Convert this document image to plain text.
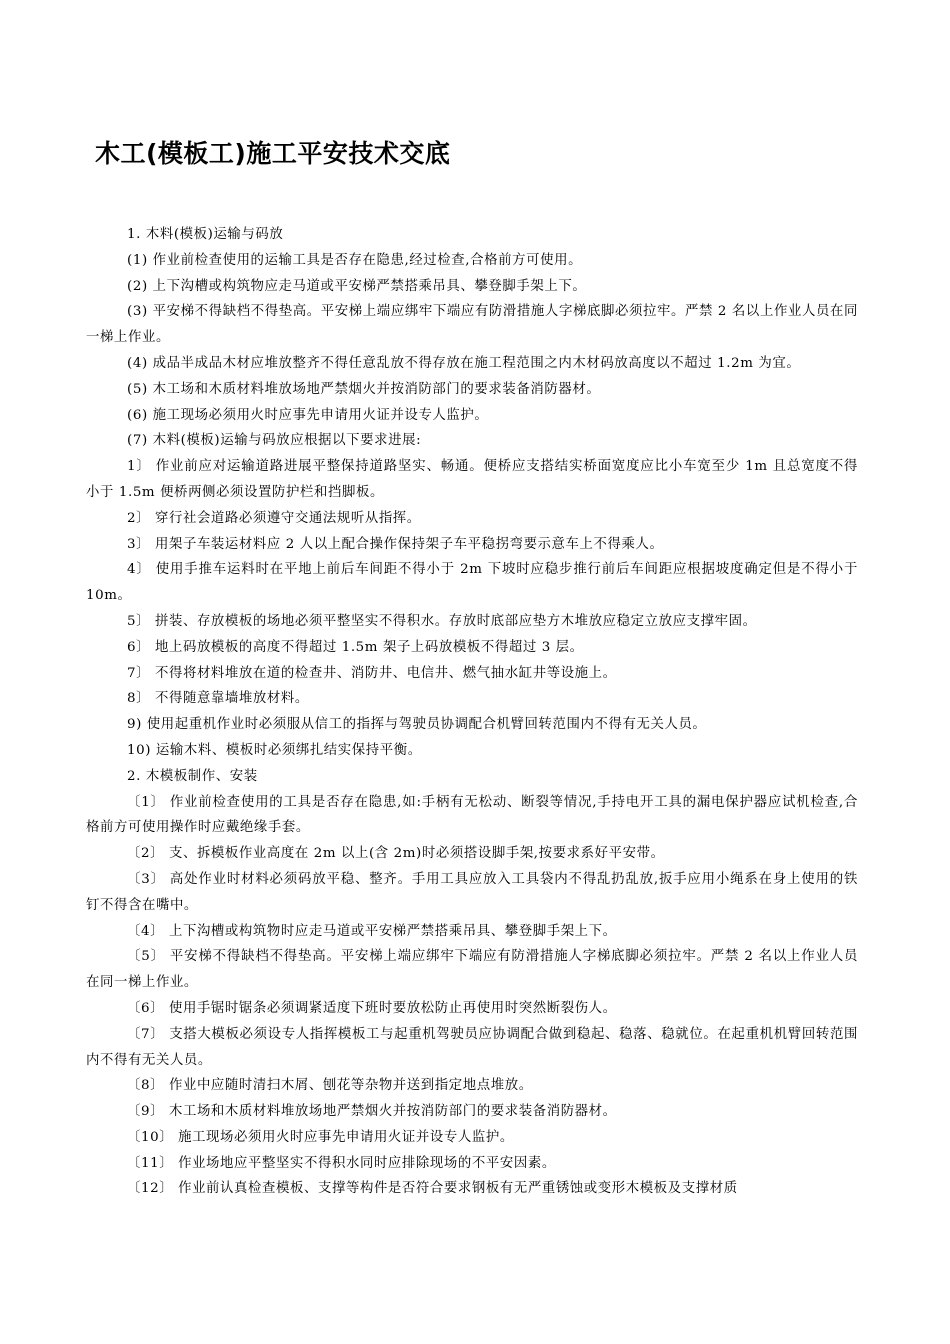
木工(模板工)施工平安技术交底

1. 木料(模板)运输与码放

(1) 作业前检查使用的运输工具是否存在隐患,经过检查,合格前方可使用。

(2) 上下沟槽或构筑物应走马道或平安梯严禁搭乘吊具、攀登脚手架上下。

(3) 平安梯不得缺档不得垫高。平安梯上端应绑牢下端应有防滑措施人字梯底脚必须拉牢。严禁 2 名以上作业人员在同一梯上作业。

(4) 成品半成品木材应堆放整齐不得任意乱放不得存放在施工程范围之内木材码放高度以不超过 1.2m 为宜。

(5) 木工场和木质材料堆放场地严禁烟火并按消防部门的要求装备消防器材。

(6) 施工现场必须用火时应事先申请用火证并设专人监护。

(7) 木料(模板)运输与码放应根据以下要求进展:

1〕 作业前应对运输道路进展平整保持道路坚实、畅通。便桥应支搭结实桥面宽度应比小车宽至少 1m 且总宽度不得小于 1.5m 便桥两侧必须设置防护栏和挡脚板。

2〕 穿行社会道路必须遵守交通法规听从指挥。

3〕 用架子车装运材料应 2 人以上配合操作保持架子车平稳拐弯要示意车上不得乘人。

4〕 使用手推车运料时在平地上前后车间距不得小于 2m 下坡时应稳步推行前后车间距应根据坡度确定但是不得小于 10m。

5〕 拼装、存放模板的场地必须平整坚实不得积水。存放时底部应垫方木堆放应稳定立放应支撑牢固。

6〕 地上码放模板的高度不得超过 1.5m 架子上码放模板不得超过 3 层。

7〕 不得将材料堆放在道的检查井、消防井、电信井、燃气抽水缸井等设施上。

8〕 不得随意靠墙堆放材料。

9) 使用起重机作业时必须服从信工的指挥与驾驶员协调配合机臂回转范围内不得有无关人员。

10) 运输木料、模板时必须绑扎结实保持平衡。

2. 木模板制作、安装

〔1〕 作业前检查使用的工具是否存在隐患,如:手柄有无松动、断裂等情况,手持电开工具的漏电保护器应试机检查,合格前方可使用操作时应戴绝缘手套。

〔2〕 支、拆模板作业高度在 2m 以上(含 2m)时必须搭设脚手架,按要求系好平安带。

〔3〕 高处作业时材料必须码放平稳、整齐。手用工具应放入工具袋内不得乱扔乱放,扳手应用小绳系在身上使用的铁钉不得含在嘴中。

〔4〕 上下沟槽或构筑物时应走马道或平安梯严禁搭乘吊具、攀登脚手架上下。

〔5〕 平安梯不得缺档不得垫高。平安梯上端应绑牢下端应有防滑措施人字梯底脚必须拉牢。严禁 2 名以上作业人员在同一梯上作业。

〔6〕 使用手锯时锯条必须调紧适度下班时要放松防止再使用时突然断裂伤人。

〔7〕 支搭大模板必须设专人指挥模板工与起重机驾驶员应协调配合做到稳起、稳落、稳就位。在起重机机臂回转范围内不得有无关人员。

〔8〕 作业中应随时清扫木屑、刨花等杂物并送到指定地点堆放。

〔9〕 木工场和木质材料堆放场地严禁烟火并按消防部门的要求装备消防器材。

〔10〕 施工现场必须用火时应事先申请用火证并设专人监护。

〔11〕 作业场地应平整坚实不得积水同时应排除现场的不平安因素。

〔12〕 作业前认真检查模板、支撑等构件是否符合要求钢板有无严重锈蚀或变形木模板及支撑材质
